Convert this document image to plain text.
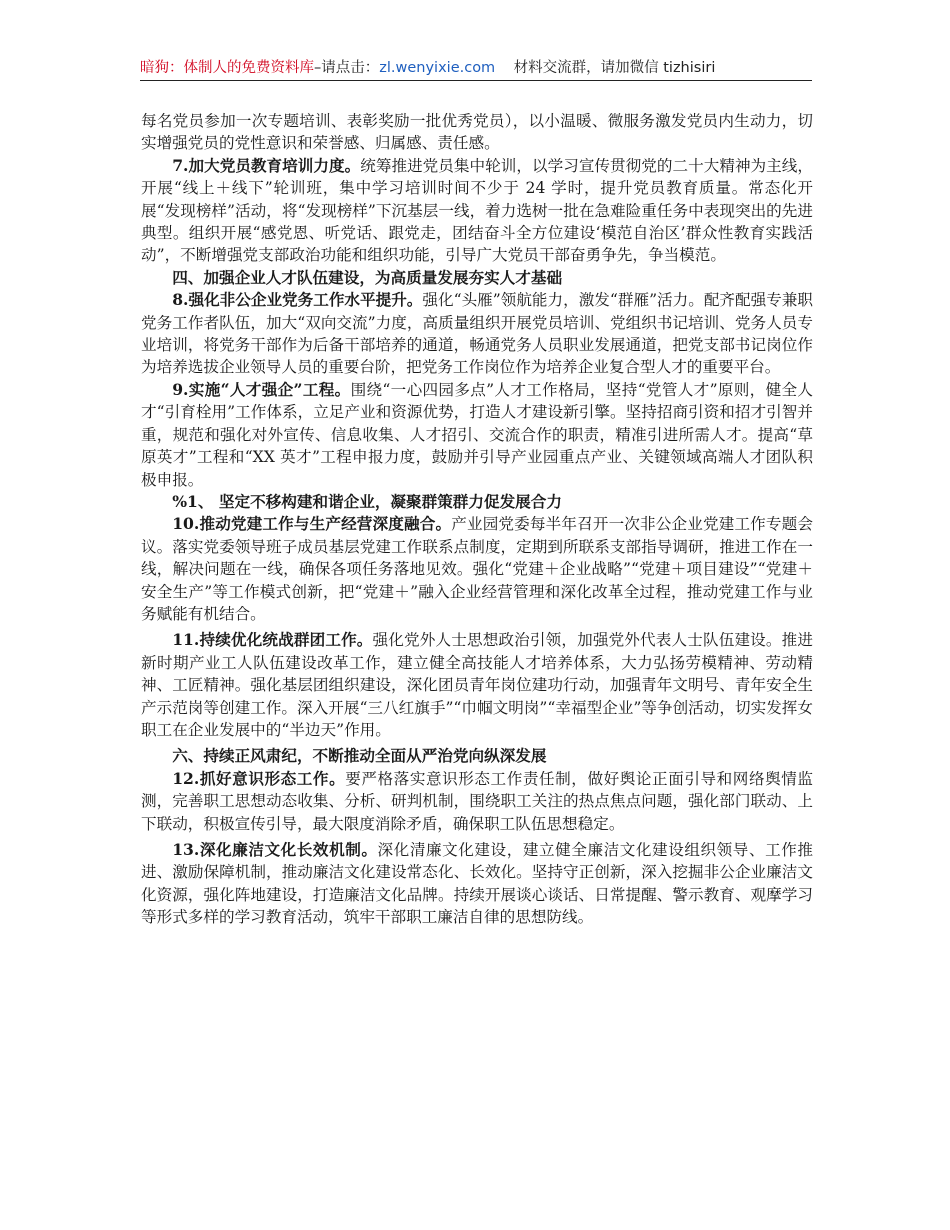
暗狗：体制人的免费资料库–请点击：zl.wenyixie.com 材料交流群，请加微信 tizhisiri

每名党员参加一次专题培训、表彰奖励一批优秀党员），以小温暖、微服务激发党员内生动力，切实增强党员的党性意识和荣誉感、归属感、责任感。

7.加大党员教育培训力度。统筹推进党员集中轮训，以学习宣传贯彻党的二十大精神为主线，开展“线上＋线下”轮训班，集中学习培训时间不少于 24 学时，提升党员教育质量。常态化开展“发现榜样”活动，将“发现榜样”下沉基层一线，着力选树一批在急难险重任务中表现突出的先进典型。组织开展“感党恩、听党话、跟党走，团结奋斗全方位建设‘模范自治区’群众性教育实践活动”，不断增强党支部政治功能和组织功能，引导广大党员干部奋勇争先，争当模范。

四、加强企业人才队伍建设，为高质量发展夯实人才基础

8.强化非公企业党务工作水平提升。强化“头雁”领航能力，激发“群雁”活力。配齐配强专兼职党务工作者队伍，加大“双向交流”力度，高质量组织开展党员培训、党组织书记培训、党务人员专业培训，将党务干部作为后备干部培养的通道，畅通党务人员职业发展通道，把党支部书记岗位作为培养选拔企业领导人员的重要台阶，把党务工作岗位作为培养企业复合型人才的重要平台。

9.实施“人才强企”工程。围绕“一心四园多点”人才工作格局，坚持“党管人才”原则，健全人才“引育栓用”工作体系，立足产业和资源优势，打造人才建设新引擎。坚持招商引资和招才引智并重，规范和强化对外宣传、信息收集、人才招引、交流合作的职责，精准引进所需人才。提高“草原英才”工程和“XX 英才”工程申报力度，鼓励并引导产业园重点产业、关键领域高端人才团队积极申报。

%1、 坚定不移构建和谐企业，凝聚群策群力促发展合力

10.推动党建工作与生产经营深度融合。产业园党委每半年召开一次非公企业党建工作专题会议。落实党委领导班子成员基层党建工作联系点制度，定期到所联系支部指导调研，推进工作在一线，解决问题在一线，确保各项任务落地见效。强化“党建＋企业战略”“党建＋项目建设”“党建＋安全生产”等工作模式创新，把“党建＋”融入企业经营管理和深化改革全过程，推动党建工作与业务赋能有机结合。

11.持续优化统战群团工作。强化党外人士思想政治引领，加强党外代表人士队伍建设。推进新时期产业工人队伍建设改革工作，建立健全高技能人才培养体系，大力弘扬劳模精神、劳动精神、工匠精神。强化基层团组织建设，深化团员青年岗位建功行动，加强青年文明号、青年安全生产示范岗等创建工作。深入开展“三八红旗手”“巾帼文明岗”“幸福型企业”等争创活动，切实发挥女职工在企业发展中的“半边天”作用。

六、持续正风肃纪，不断推动全面从严治党向纵深发展

12.抓好意识形态工作。要严格落实意识形态工作责任制，做好舆论正面引导和网络舆情监测，完善职工思想动态收集、分析、研判机制，围绕职工关注的热点焦点问题，强化部门联动、上下联动，积极宣传引导，最大限度消除矛盾，确保职工队伍思想稳定。

13.深化廉洁文化长效机制。深化清廉文化建设，建立健全廉洁文化建设组织领导、工作推进、激励保障机制，推动廉洁文化建设常态化、长效化。坚持守正创新，深入挖掘非公企业廉洁文化资源，强化阵地建设，打造廉洁文化品牌。持续开展谈心谈话、日常提醒、警示教育、观摩学习等形式多样的学习教育活动，筑牢干部职工廉洁自律的思想防线。
